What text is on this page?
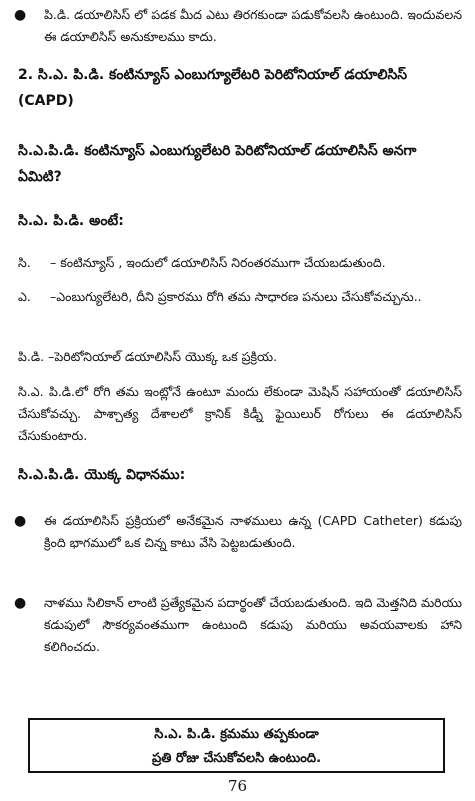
● పి.డి. డయాలిసిస్ లో పడక మీద ఎటు తిరగకుండా పడుకోవలసి ఉంటుంది. ఇందువలన ఈ డయాలిసిస్ అనుకూలము కాదు.
2. సి.ఎ. పి.డి. కంటిన్యూస్ ఎంబుగ్యూలేటరి పెరిటోనియాల్ డయాలిసిస్ (CAPD)
సి.ఎ.పి.డి. కంటిన్యూస్ ఎంబుగ్యులేటరి పెరిటోనియాల్ డయాలిసిస్ అనగా ఏమిటి?
సి.ఎ. పి.డి. అంటే:
సి. – కంటిన్యూస్ , ఇందులో డయాలిసిస్ నిరంతరముగా చేయబడుతుంది.
ఎ. –ఎంబుగ్యులేటరి, దీని ప్రకారము రోగి తమ సాధారణ పనులు చేసుకోవచ్చును..
పి.డి. –పెరిటోనియాల్ డయాలిసిస్ యొక్క ఒక ప్రక్రియ.
సి.ఎ. పి.డి.లో రోగి తమ ఇంట్లోనే ఉంటూ మందు లేకుండా మెషిన్ సహాయంతో డయాలిసిస్ చేసుకోవచ్చు. పాశ్చాత్య దేశాలలో క్రానిక్ కిడ్నీ ఫైయిలుర్ రోగులు ఈ డయాలిసిస్ చేసుకుంటారు.
సి.ఎ.పి.డి. యొక్క విధానము:
● ఈ డయాలిసిస్ ప్రక్రియలో అనేకమైన నాళములు ఉన్న (CAPD Catheter) కడుపు క్రింది భాగములో ఒక చిన్న కాటు వేసి పెట్టబడుతుంది.
● నాళము సిలికాన్ లాంటి ప్రత్యేకమైన పదార్థంతో చేయబడుతుంది. ఇది మెత్తనిది మరియు కడుపులో సౌకర్యవంతముగా ఉంటుంది కడుపు మరియు అవయవాలకు హాని కలిగించదు.
సి.ఎ. పి.డి. క్రమము తప్పకుండా
ప్రతి రోజు చేసుకోవలసి ఉంటుంది.
76
